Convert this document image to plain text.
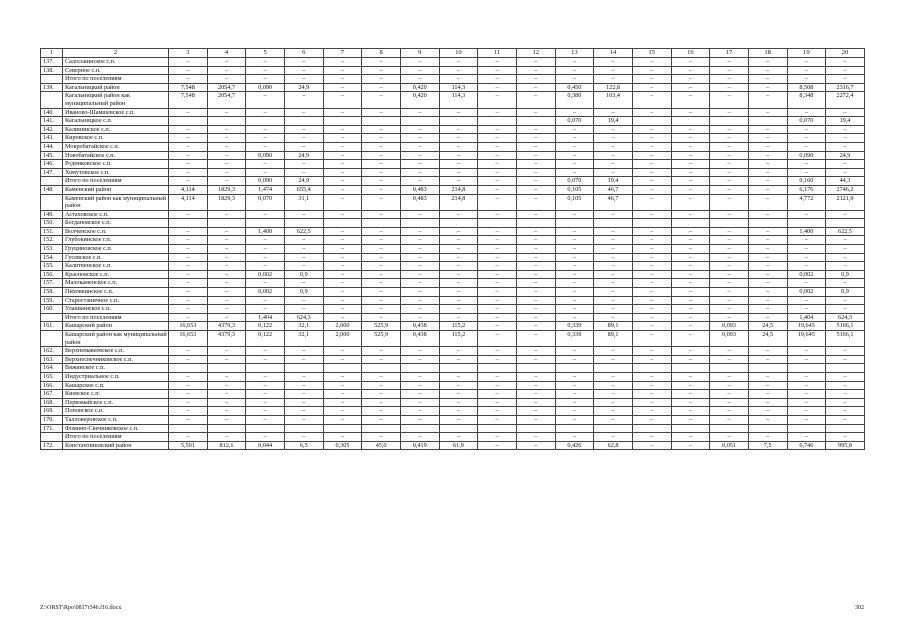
1	2	3	4	5	6	7	8	9	10	11	12	13	14	15	16	17	18	19	20
137.	Салоськинское с.п.	–	–	–	–	–	–	–	–	–	–	–	–	–	–	–	–	–	–
138.	Северное с.п.	–	–	–	–	–	–	–	–	–	–	–	–	–	–	–	–	–	–
	Итого по поселениям	–	–	–	–	–	–	–	–	–	–	–	–	–	–	–	–	–	–
139.	Кагальницкий район	7,548	2054,7	0,090	24,9	–	–	0,420	114,3	–	–	0,450	122,8	–	–	–	–	8,508	2316,7
	Кагальницкий район как муниципальный район	7,548	2054,7	–	–	–	–	0,420	114,3	–	–	0,380	103,4	–	–	–	–	8,348	2272,4
140.	Иваново-Шамшевское с.п.	–	–	–	–	–	–	–	–	–	–	–	–	–	–	–	–	–	–
141.	Кагальницкое с.п.											0,070	19,4					0,070	19,4
142.	Калининское с.п.	–	–	–	–	–	–	–	–	–	–	–	–	–	–	–	–	–	–
143.	Кировское с.п.	–	–	–	–	–	–	–	–	–	–	–	–	–	–	–	–	–	–
144.	Мокробатайское с.п.	–	–	–	–	–	–	–	–	–	–	–	–	–	–	–	–	–	–
145.	Новобатайское с.п.	–	–	0,090	24,9	–	–	–	–	–	–	–	–	–	–	–	–	0,090	24,9
146.	Родниковское с.п.	–	–	–	–	–	–	–	–	–	–	–	–	–	–	–	–	–	–
147.	Хомутовское с.п.	–	–	–	–	–	–	–	–	–	–	–	–	–	–	–	–	–	–
	Итого по поселениям	–	–	0,090	24,9	–	–	–	–	–	–	0,070	19,4	–	–	–	–	0,160	44,3
148.	Каменский район	4,114	1829,3	1,474	655,4	–	–	0,483	214,8	–	–	0,105	46,7	–	–	–	–	6,176	2746,2
	Каменский район как муниципальный район	4,114	1829,3	0,070	31,1	–	–	0,483	214,8	–	–	0,105	46,7	–	–	–	–	4,772	2121,9
149.	Астаховское с.п.	–	–	–	–	–	–	–	–	–	–	–	–	–	–	–	–	–	–
150.	Богдановское с.п.																		
151.	Волченское с.п.	–	–	1,400	622,5	–	–	–	–	–	–	–	–	–	–	–	–	1,400	622,5
152.	Глубокинское г.п.	–	–	–	–	–	–	–	–	–	–	–	–	–	–	–	–	–	–
153.	Груциновское с.п.	–	–	–	–	–	–	–	–	–	–	–	–	–	–	–	–	–	–
154.	Гусевское с.п.	–	–	–	–	–	–	–	–	–	–	–	–	–	–	–	–	–	–
155.	Калитвенское с.п.	–	–	–	–	–	–	–	–	–	–	–	–	–	–	–	–	–	–
156.	Красновское с.п.	–	–	0,002	0,9	–	–	–	–	–	–	–	–	–	–	–	–	0,002	0,9
157.	Малокаменское с.п.	–	–	–	–	–	–	–	–	–	–	–	–	–	–	–	–	–	–
158.	Пиховкинское с.п.	–	–	0,002	0,9	–	–	–	–	–	–	–	–	–	–	–	–	0,002	0,9
159.	Старостаничное с.п.	–	–	–	–	–	–	–	–	–	–	–	–	–	–	–	–	–	–
160.	Улашкинское с.п.	–	–	–	–	–	–	–	–	–	–	–	–	–	–	–	–	–	–
	Итого по поселениям	–	–	1,404	624,3	–	–	–	–	–	–	–	–	–	–	–	–	1,404	624,3
161.	Кашарский район	16,653	4379,3	0,122	32,1	2,000	525,9	0,438	115,2	–	–	0,339	89,1	–	–	0,093	24,5	19,645	5166,1
	Кашарский район как муниципальный район	16,653	4379,3	0,122	32,1	2,000	525,9	0,438	115,2	–	–	0,339	89,1	–	–	0,093	24,5	19,645	5166,1
162.	Верхнемакеевское с.п.	–	–	–	–	–	–	–	–	–	–	–	–	–	–	–	–	–	–
163.	Верхнесвечниковское с.п.	–	–	–	–	–	–	–	–	–	–	–	–	–	–	–	–	–	–
164.	Вяжинское с.п.																		
165.	Индустриальное с.п.	–	–	–	–	–	–	–	–	–	–	–	–	–	–	–	–	–	–
166.	Кашарское с.п.	–	–	–	–	–	–	–	–	–	–	–	–	–	–	–	–	–	–
167.	Киевское с.п.	–	–	–	–	–	–	–	–	–	–	–	–	–	–	–	–	–	–
168.	Первомайское с.п.	–	–	–	–	–	–	–	–	–	–	–	–	–	–	–	–	–	–
169.	Поповское с.п.	–	–	–	–	–	–	–	–	–	–	–	–	–	–	–	–	–	–
170.	Талловеровское с.п.	–	–	–	–	–	–	–	–	–	–	–	–	–	–	–	–	–	–
171.	Фомино-Свечниковское с.п.																		
	Итого по поселениям	–	–	–	–	–	–	–	–	–	–	–	–	–	–	–	–	–	–
172.	Константиновский район	5,501	812,1	0,044	6,5	0,305	45,0	0,419	61,9	–	–	0,426	62,8	–	–	0,051	7,5	6,746	995,8
Z:\ORST\Rpo\0817r346.f16.docx	302
